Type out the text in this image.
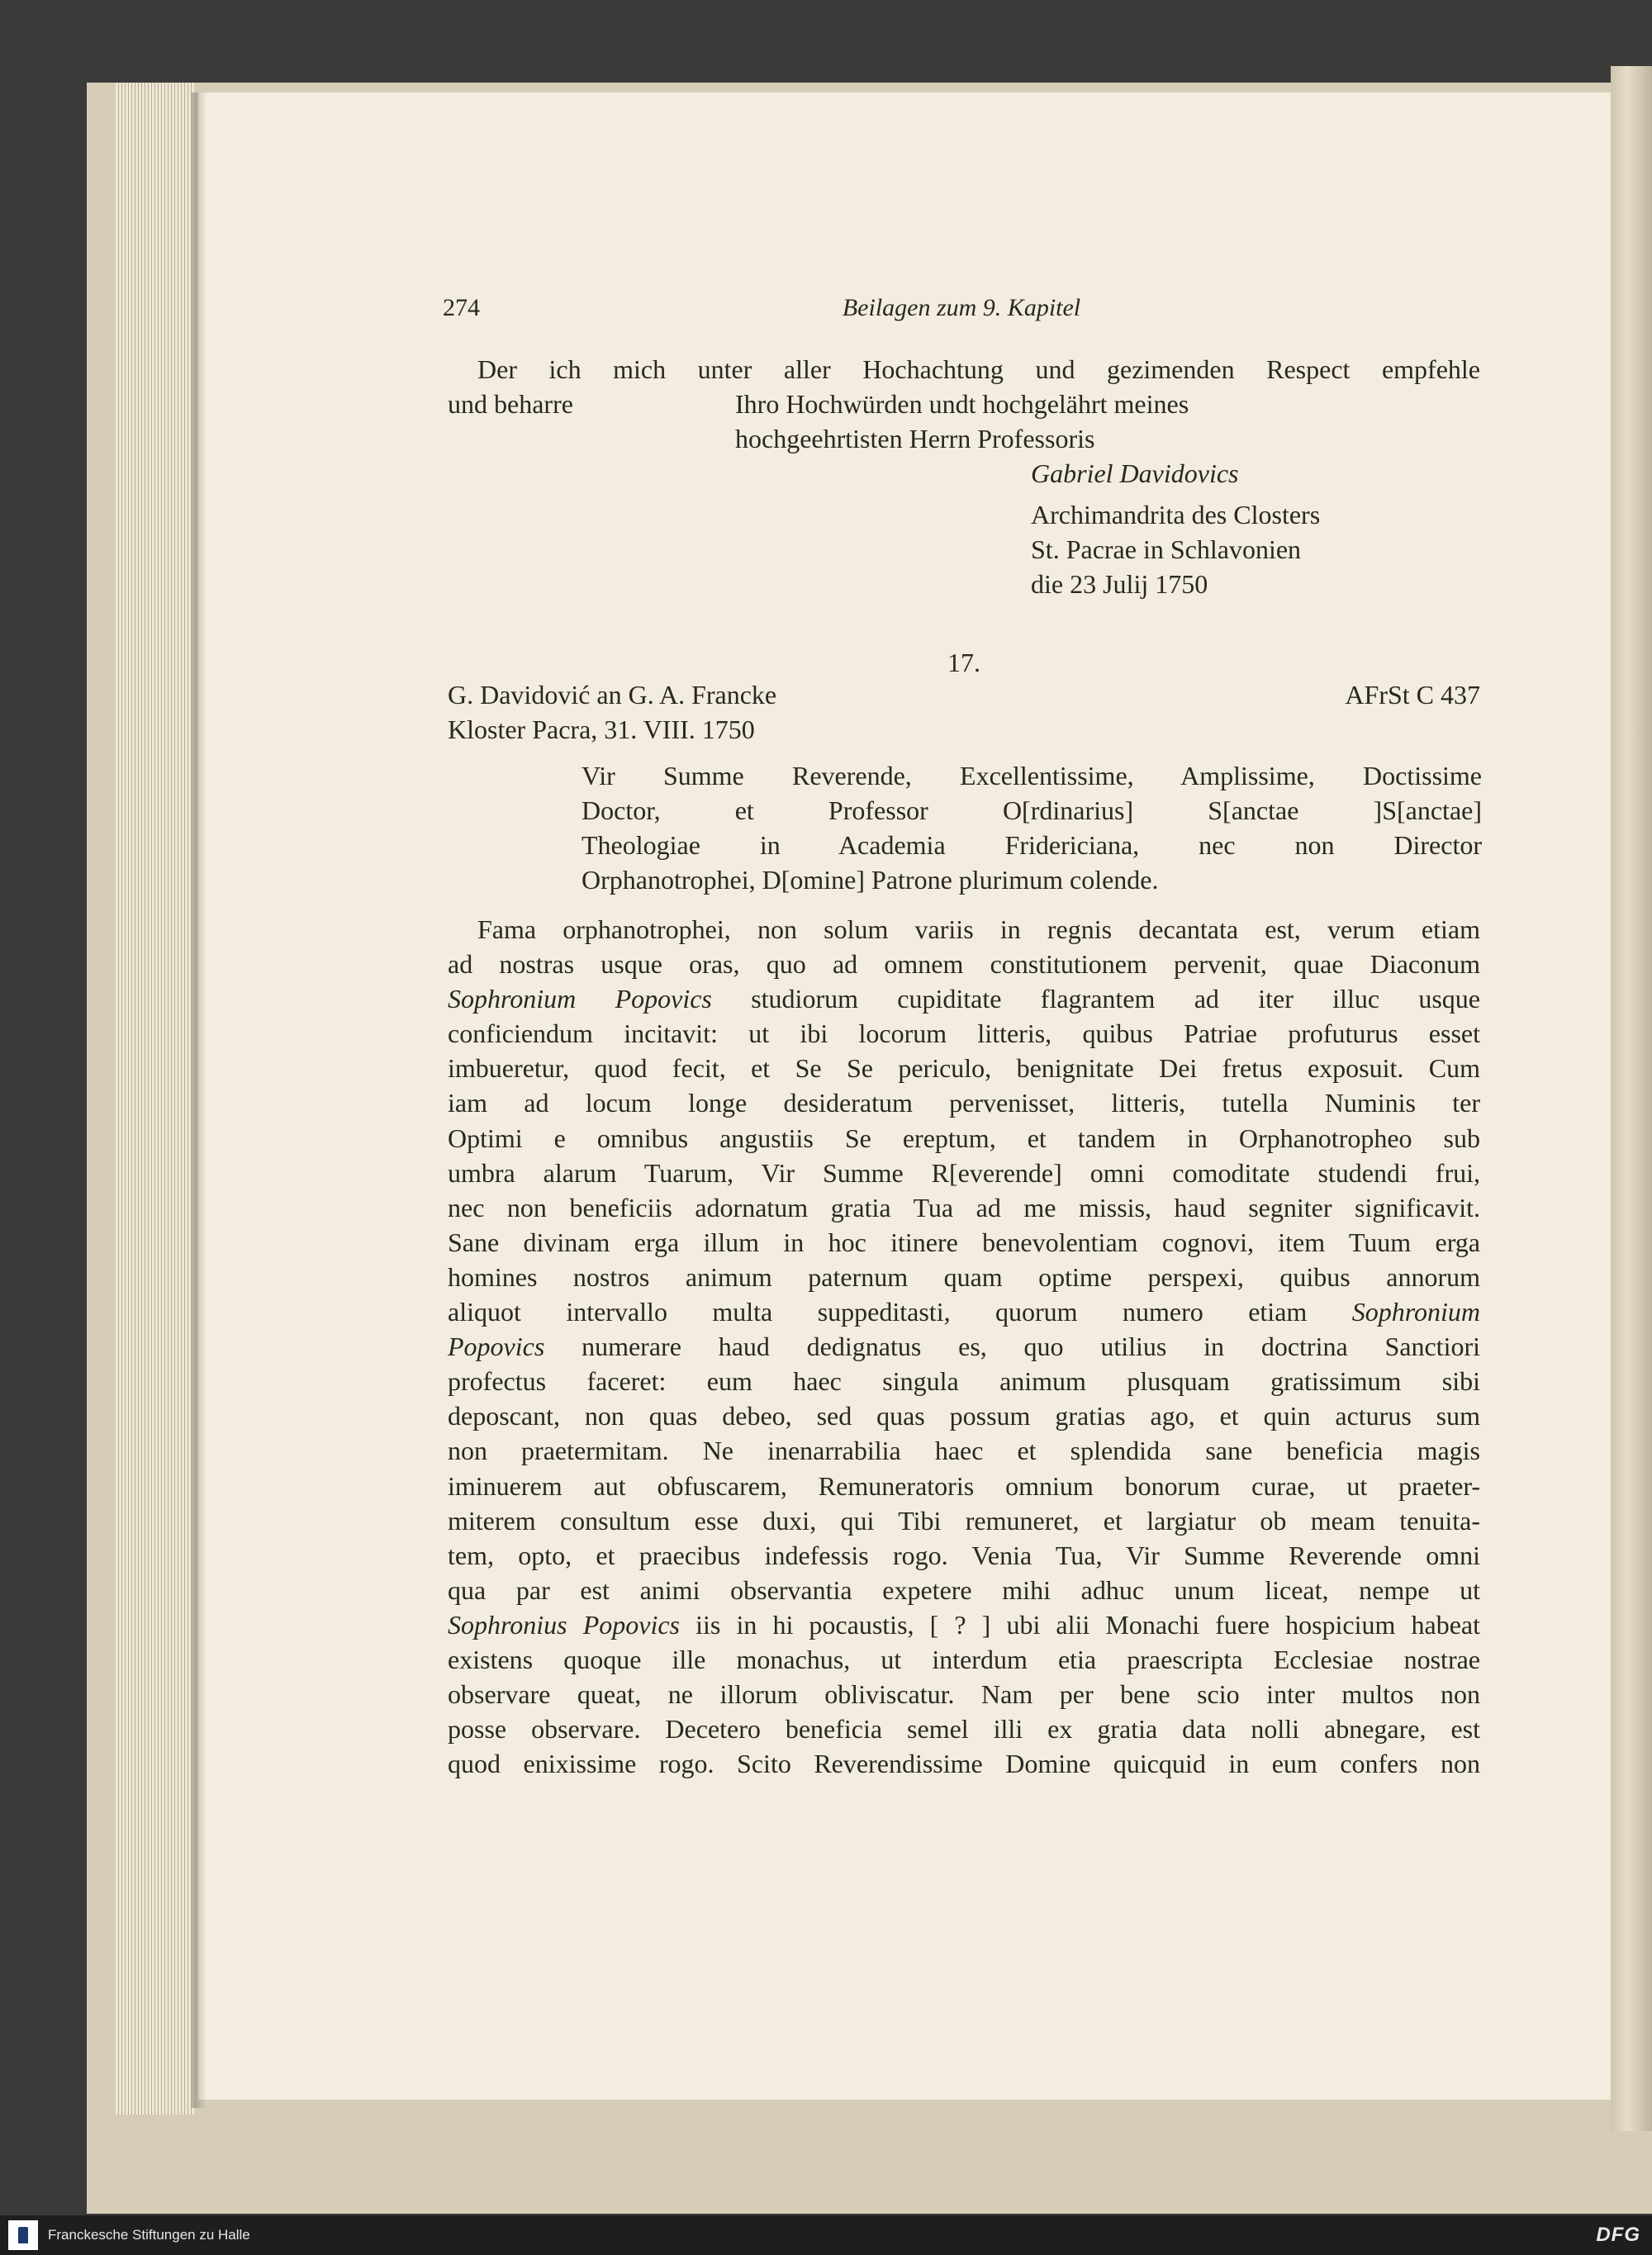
274	Beilagen zum 9. Kapitel

Der ich mich unter aller Hochachtung und gezimenden Respect empfehle

und beharre	Ihro Hochwürden undt hochgelährt meines
hochgeehrtisten Herrn Professoris

Gabriel Davidovics

Archimandrita des Closters

St. Pacrae in Schlavonien

die 23 Julij 1750

17.
G. Davidović an G. A. Francke	AFrSt C 437
Kloster Pacra, 31. VIII. 1750
Vir Summe Reverende, Excellentissime, Amplissime, Doctissime
Doctor, et Professor O[rdinarius] S[anctae ]S[anctae]
Theologiae in Academia Fridericiana, nec non Director
Orphanotrophei, D[omine] Patrone plurimum colende.
Fama orphanotrophei, non solum variis in regnis decantata est, verum etiam
ad nostras usque oras, quo ad omnem constitutionem pervenit, quae Diaconum
Sophronium Popovics studiorum cupiditate flagrantem ad iter illuc usque
conficiendum incitavit: ut ibi locorum litteris, quibus Patriae profuturus esset
imbueretur, quod fecit, et Se Se periculo, benignitate Dei fretus exposuit. Cum
iam ad locum longe desideratum pervenisset, litteris, tutella Numinis ter
Optimi e omnibus angustiis Se ereptum, et tandem in Orphanotropheo sub
umbra alarum Tuarum, Vir Summe R[everende] omni comoditate studendi frui,
nec non beneficiis adornatum gratia Tua ad me missis, haud segniter significavit.
Sane divinam erga illum in hoc itinere benevolentiam cognovi, item Tuum erga
homines nostros animum paternum quam optime perspexi, quibus annorum
aliquot intervallo multa suppeditasti, quorum numero etiam Sophronium
Popovics numerare haud dedignatus es, quo utilius in doctrina Sanctiori
profectus faceret: eum haec singula animum plusquam gratissimum sibi
deposcant, non quas debeo, sed quas possum gratias ago, et quin acturus sum
non praetermitam. Ne inenarrabilia haec et splendida sane beneficia magis
iminuerem aut obfuscarem, Remuneratoris omnium bonorum curae, ut praeter-
miterem consultum esse duxi, qui Tibi remuneret, et largiatur ob meam tenuita-
tem, opto, et praecibus indefessis rogo. Venia Tua, Vir Summe Reverende omni
qua par est animi observantia expetere mihi adhuc unum liceat, nempe ut
Sophronius Popovics iis in hi pocaustis, [ ? ] ubi alii Monachi fuere hospicium habeat
existens quoque ille monachus, ut interdum etia praescripta Ecclesiae nostrae
observare queat, ne illorum obliviscatur. Nam per bene scio inter multos non
posse observare. Decetero beneficia semel illi ex gratia data nolli abnegare, est
quod enixissime rogo. Scito Reverendissime Domine quicquid in eum confers non
Franckesche Stiftungen zu Halle	DFG
